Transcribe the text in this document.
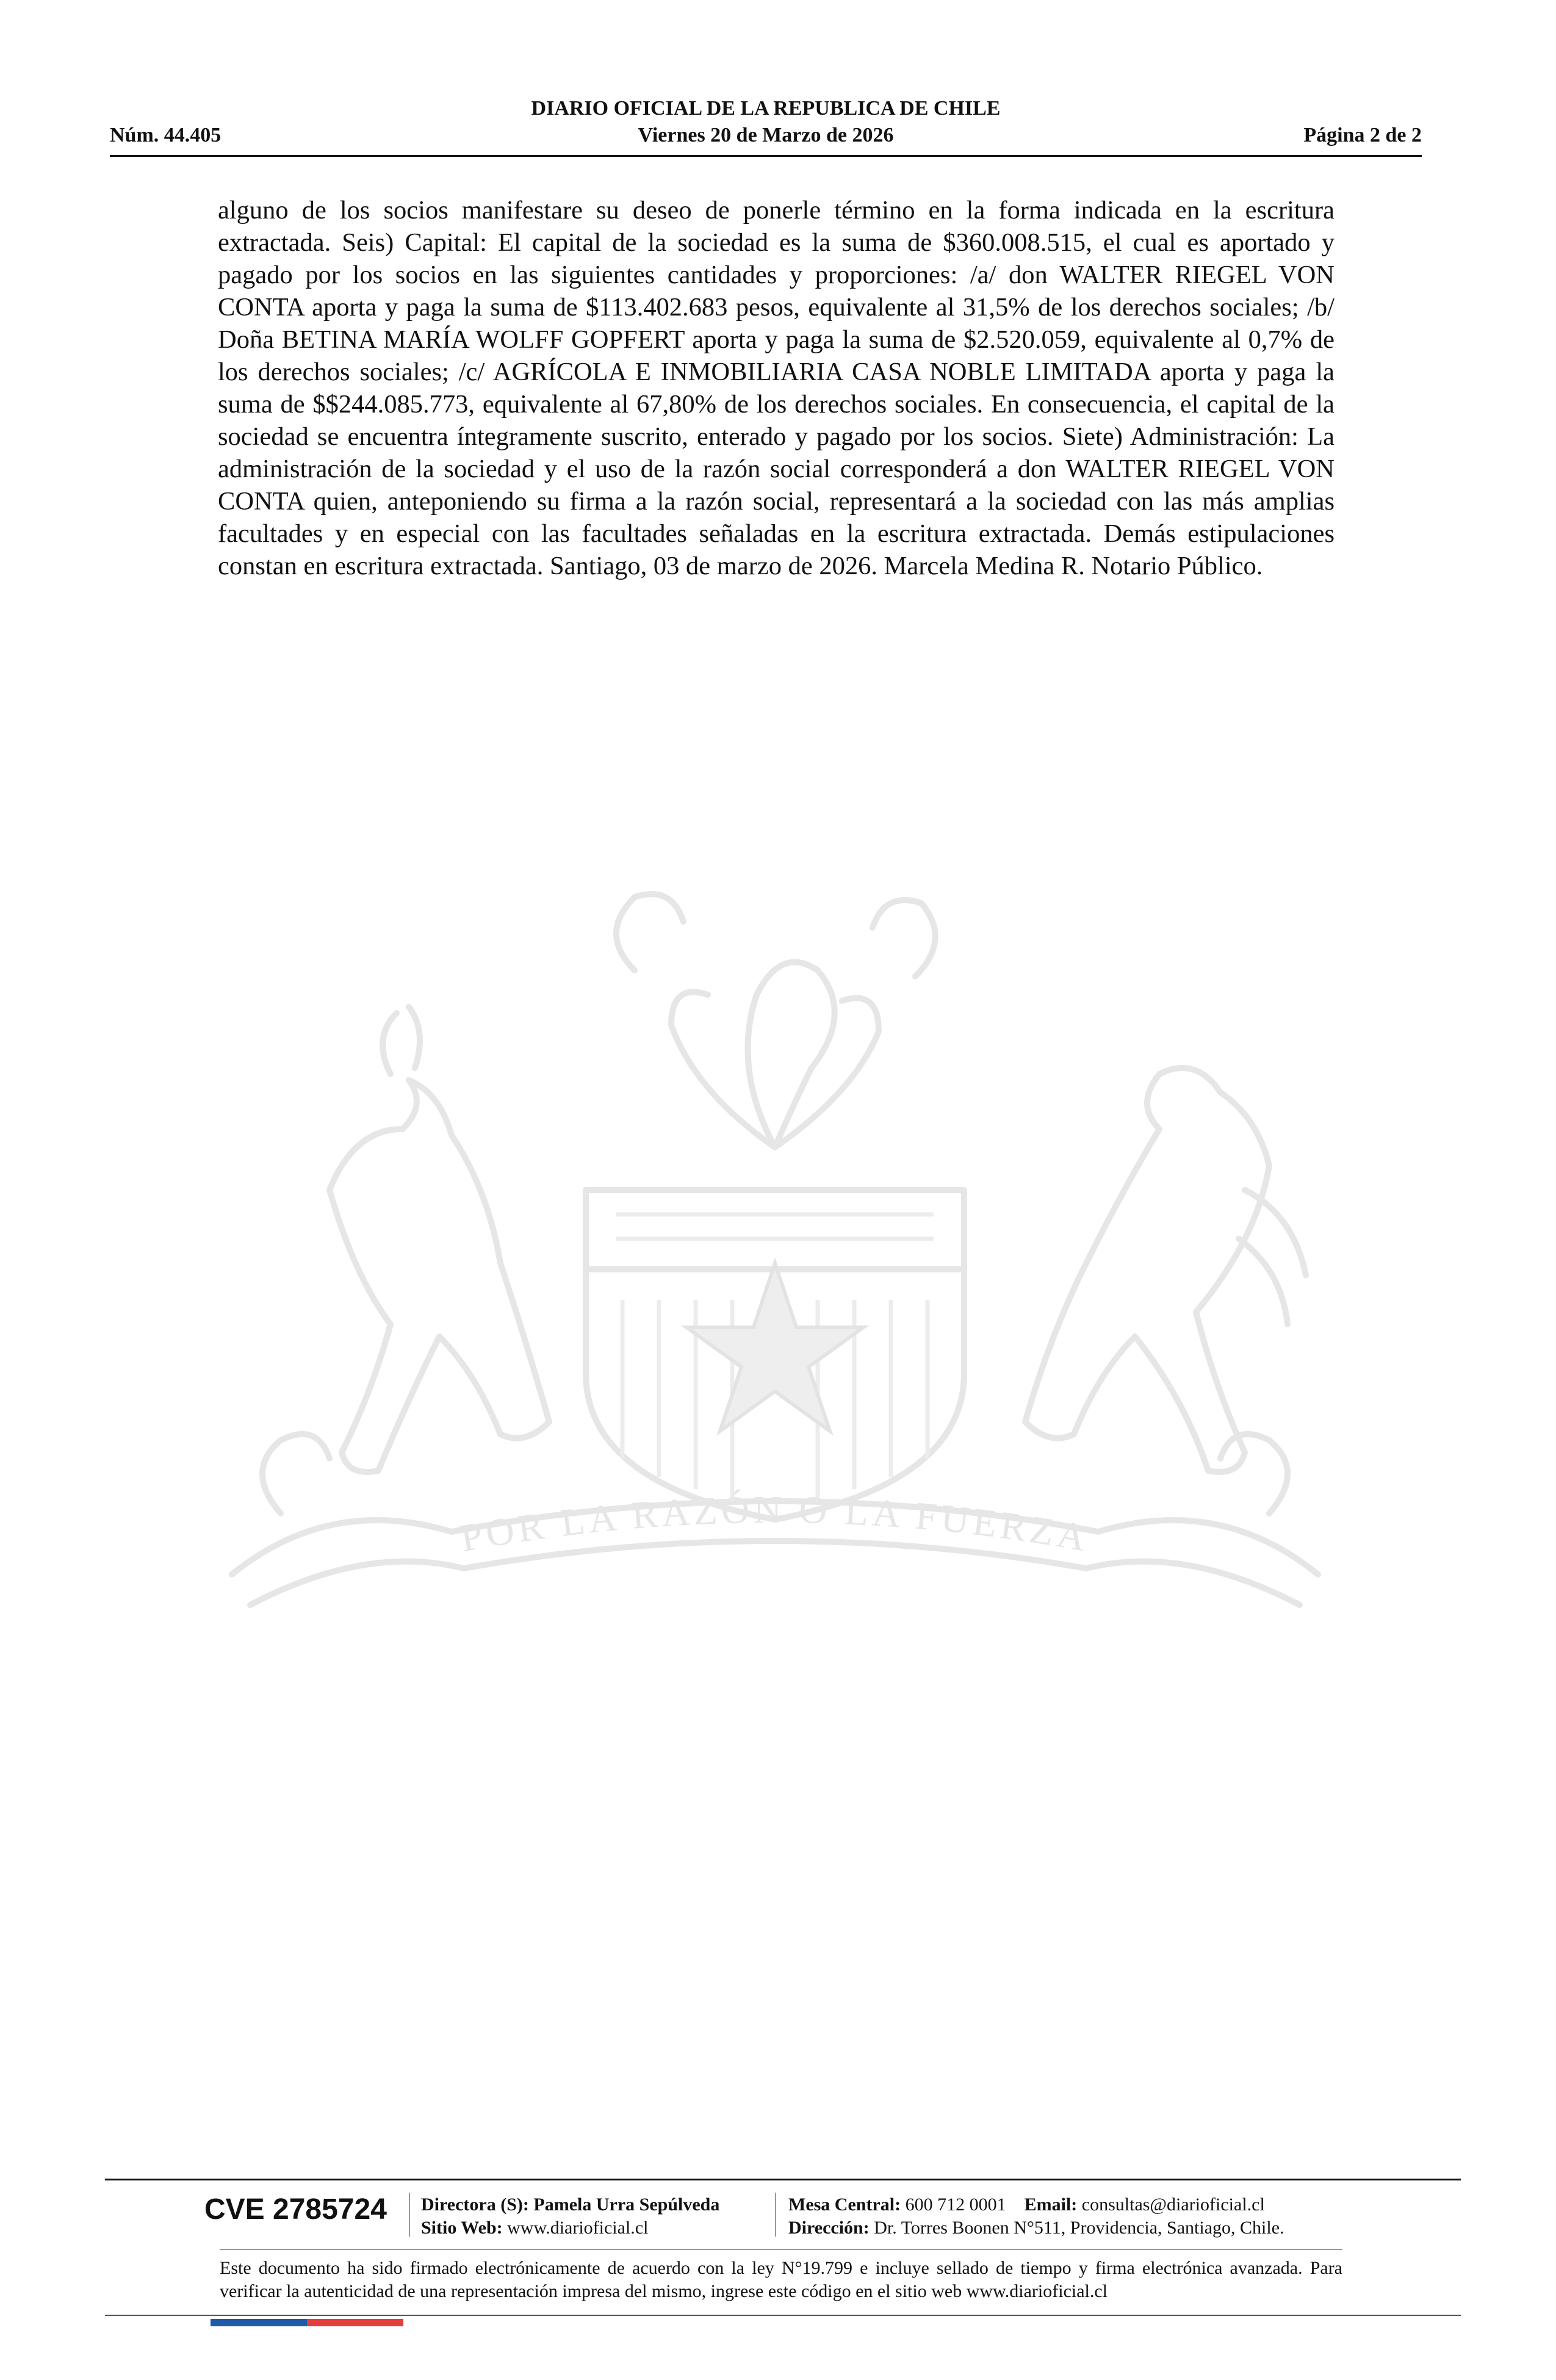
DIARIO OFICIAL DE LA REPUBLICA DE CHILE
Núm. 44.405	Viernes 20 de Marzo de 2026	Página 2 de 2
alguno de los socios manifestare su deseo de ponerle término en la forma indicada en la escritura extractada. Seis) Capital: El capital de la sociedad es la suma de $360.008.515, el cual es aportado y pagado por los socios en las siguientes cantidades y proporciones: /a/ don WALTER RIEGEL VON CONTA aporta y paga la suma de $113.402.683 pesos, equivalente al 31,5% de los derechos sociales; /b/ Doña BETINA MARÍA WOLFF GOPFERT aporta y paga la suma de $2.520.059, equivalente al 0,7% de los derechos sociales; /c/ AGRÍCOLA E INMOBILIARIA CASA NOBLE LIMITADA aporta y paga la suma de $$244.085.773, equivalente al 67,80% de los derechos sociales. En consecuencia, el capital de la sociedad se encuentra íntegramente suscrito, enterado y pagado por los socios. Siete) Administración: La administración de la sociedad y el uso de la razón social corresponderá a don WALTER RIEGEL VON CONTA quien, anteponiendo su firma a la razón social, representará a la sociedad con las más amplias facultades y en especial con las facultades señaladas en la escritura extractada. Demás estipulaciones constan en escritura extractada. Santiago, 03 de marzo de 2026. Marcela Medina R. Notario Público.
POR LA RAZÓN O LA FUERZA
CVE 2785724 Directora (S): Pamela Urra Sepúlveda
Sitio Web: www.diarioficial.cl
Mesa Central: 600 712 0001 Email: consultas@diarioficial.cl
Dirección: Dr. Torres Boonen N°511, Providencia, Santiago, Chile.
Este documento ha sido firmado electrónicamente de acuerdo con la ley N°19.799 e incluye sellado de tiempo y firma electrónica avanzada. Para verificar la autenticidad de una representación impresa del mismo, ingrese este código en el sitio web www.diarioficial.cl
